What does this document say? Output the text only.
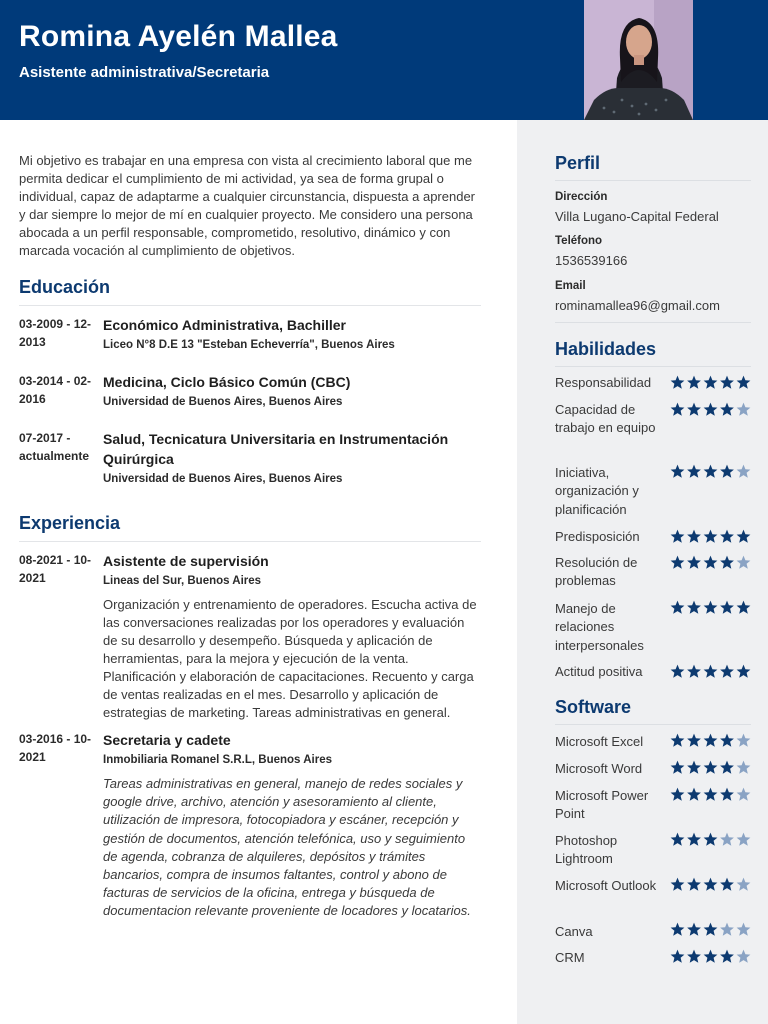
Romina Ayelén Mallea
Asistente administrativa/Secretaria

Mi objetivo es trabajar en una empresa con vista al crecimiento laboral que me permita dedicar el cumplimiento de mi actividad, ya sea de forma grupal o individual, capaz de adaptarme a cualquier circunstancia, dispuesta a aprender y dar siempre lo mejor de mí en cualquier proyecto. Me considero una persona abocada a un perfil responsable, comprometido, resolutivo, dinámico y con marcada vocación al cumplimiento de objetivos.

Educación
03-2009 - 12-2013
Económico Administrativa, Bachiller
Liceo N°8 D.E 13 "Esteban Echeverría", Buenos Aires
03-2014 - 02-2016
Medicina, Ciclo Básico Común (CBC)
Universidad de Buenos Aires, Buenos Aires
07-2017 - actualmente
Salud, Tecnicatura Universitaria en Instrumentación Quirúrgica
Universidad de Buenos Aires, Buenos Aires
Experiencia
08-2021 - 10-2021
Asistente de supervisión
Lineas del Sur, Buenos Aires
Organización y entrenamiento de operadores. Escucha activa de las conversaciones realizadas por los operadores y evaluación de su desarrollo y desempeño. Búsqueda y aplicación de herramientas, para la mejora y ejecución de la venta. Planificación y elaboración de capacitaciones. Recuento y carga de ventas realizadas en el mes. Desarrollo y aplicación de estrategias de marketing. Tareas administrativas en general.
03-2016 - 10-2021
Secretaria y cadete
Inmobiliaria Romanel S.R.L, Buenos Aires
Tareas administrativas en general, manejo de redes sociales y google drive, archivo, atención y asesoramiento al cliente, utilización de impresora, fotocopiadora y escáner, recepción y gestión de documentos, atención telefónica, uso y seguimiento de agenda, cobranza de alquileres, depósitos y trámites bancarios, compra de insumos faltantes, control y abono de facturas de servicios de la oficina, entrega y búsqueda de documentacion relevante proveniente de locadores y locatarios.
Perfil
Dirección
Villa Lugano-Capital Federal
Teléfono
1536539166
Email
rominamallea96@gmail.com
Habilidades
Responsabilidad
Capacidad de trabajo en equipo
Iniciativa, organización y planificación
Predisposición
Resolución de problemas
Manejo de relaciones interpersonales
Actitud positiva
Software
Microsoft Excel
Microsoft Word
Microsoft Power Point
Photoshop Lightroom
Microsoft Outlook
Canva
CRM
